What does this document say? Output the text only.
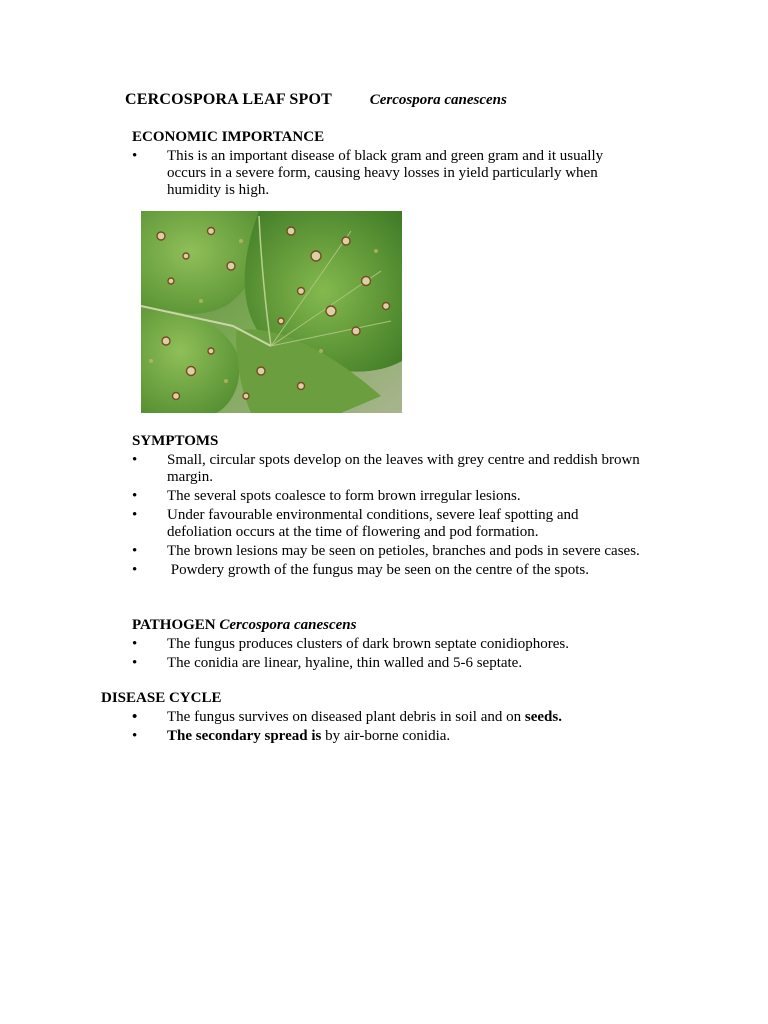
CERCOSPORA LEAF SPOT	Cercospora canescens
ECONOMIC IMPORTANCE
• This is an important disease of black gram and green gram and it usually occurs in a severe form, causing heavy losses in yield particularly when humidity is high.
SYMPTOMS
• Small, circular spots develop on the leaves with grey centre and reddish brown margin.
• The several spots coalesce to form brown irregular lesions.
• Under favourable environmental conditions, severe leaf spotting and defoliation occurs at the time of flowering and pod formation.
• The brown lesions may be seen on petioles, branches and pods in severe cases.
• Powdery growth of the fungus may be seen on the centre of the spots.
PATHOGEN Cercospora canescens
• The fungus produces clusters of dark brown septate conidiophores.
• The conidia are linear, hyaline, thin walled and 5-6 septate.
DISEASE CYCLE
• The fungus survives on diseased plant debris in soil and on seeds.
• The secondary spread is by air-borne conidia.
